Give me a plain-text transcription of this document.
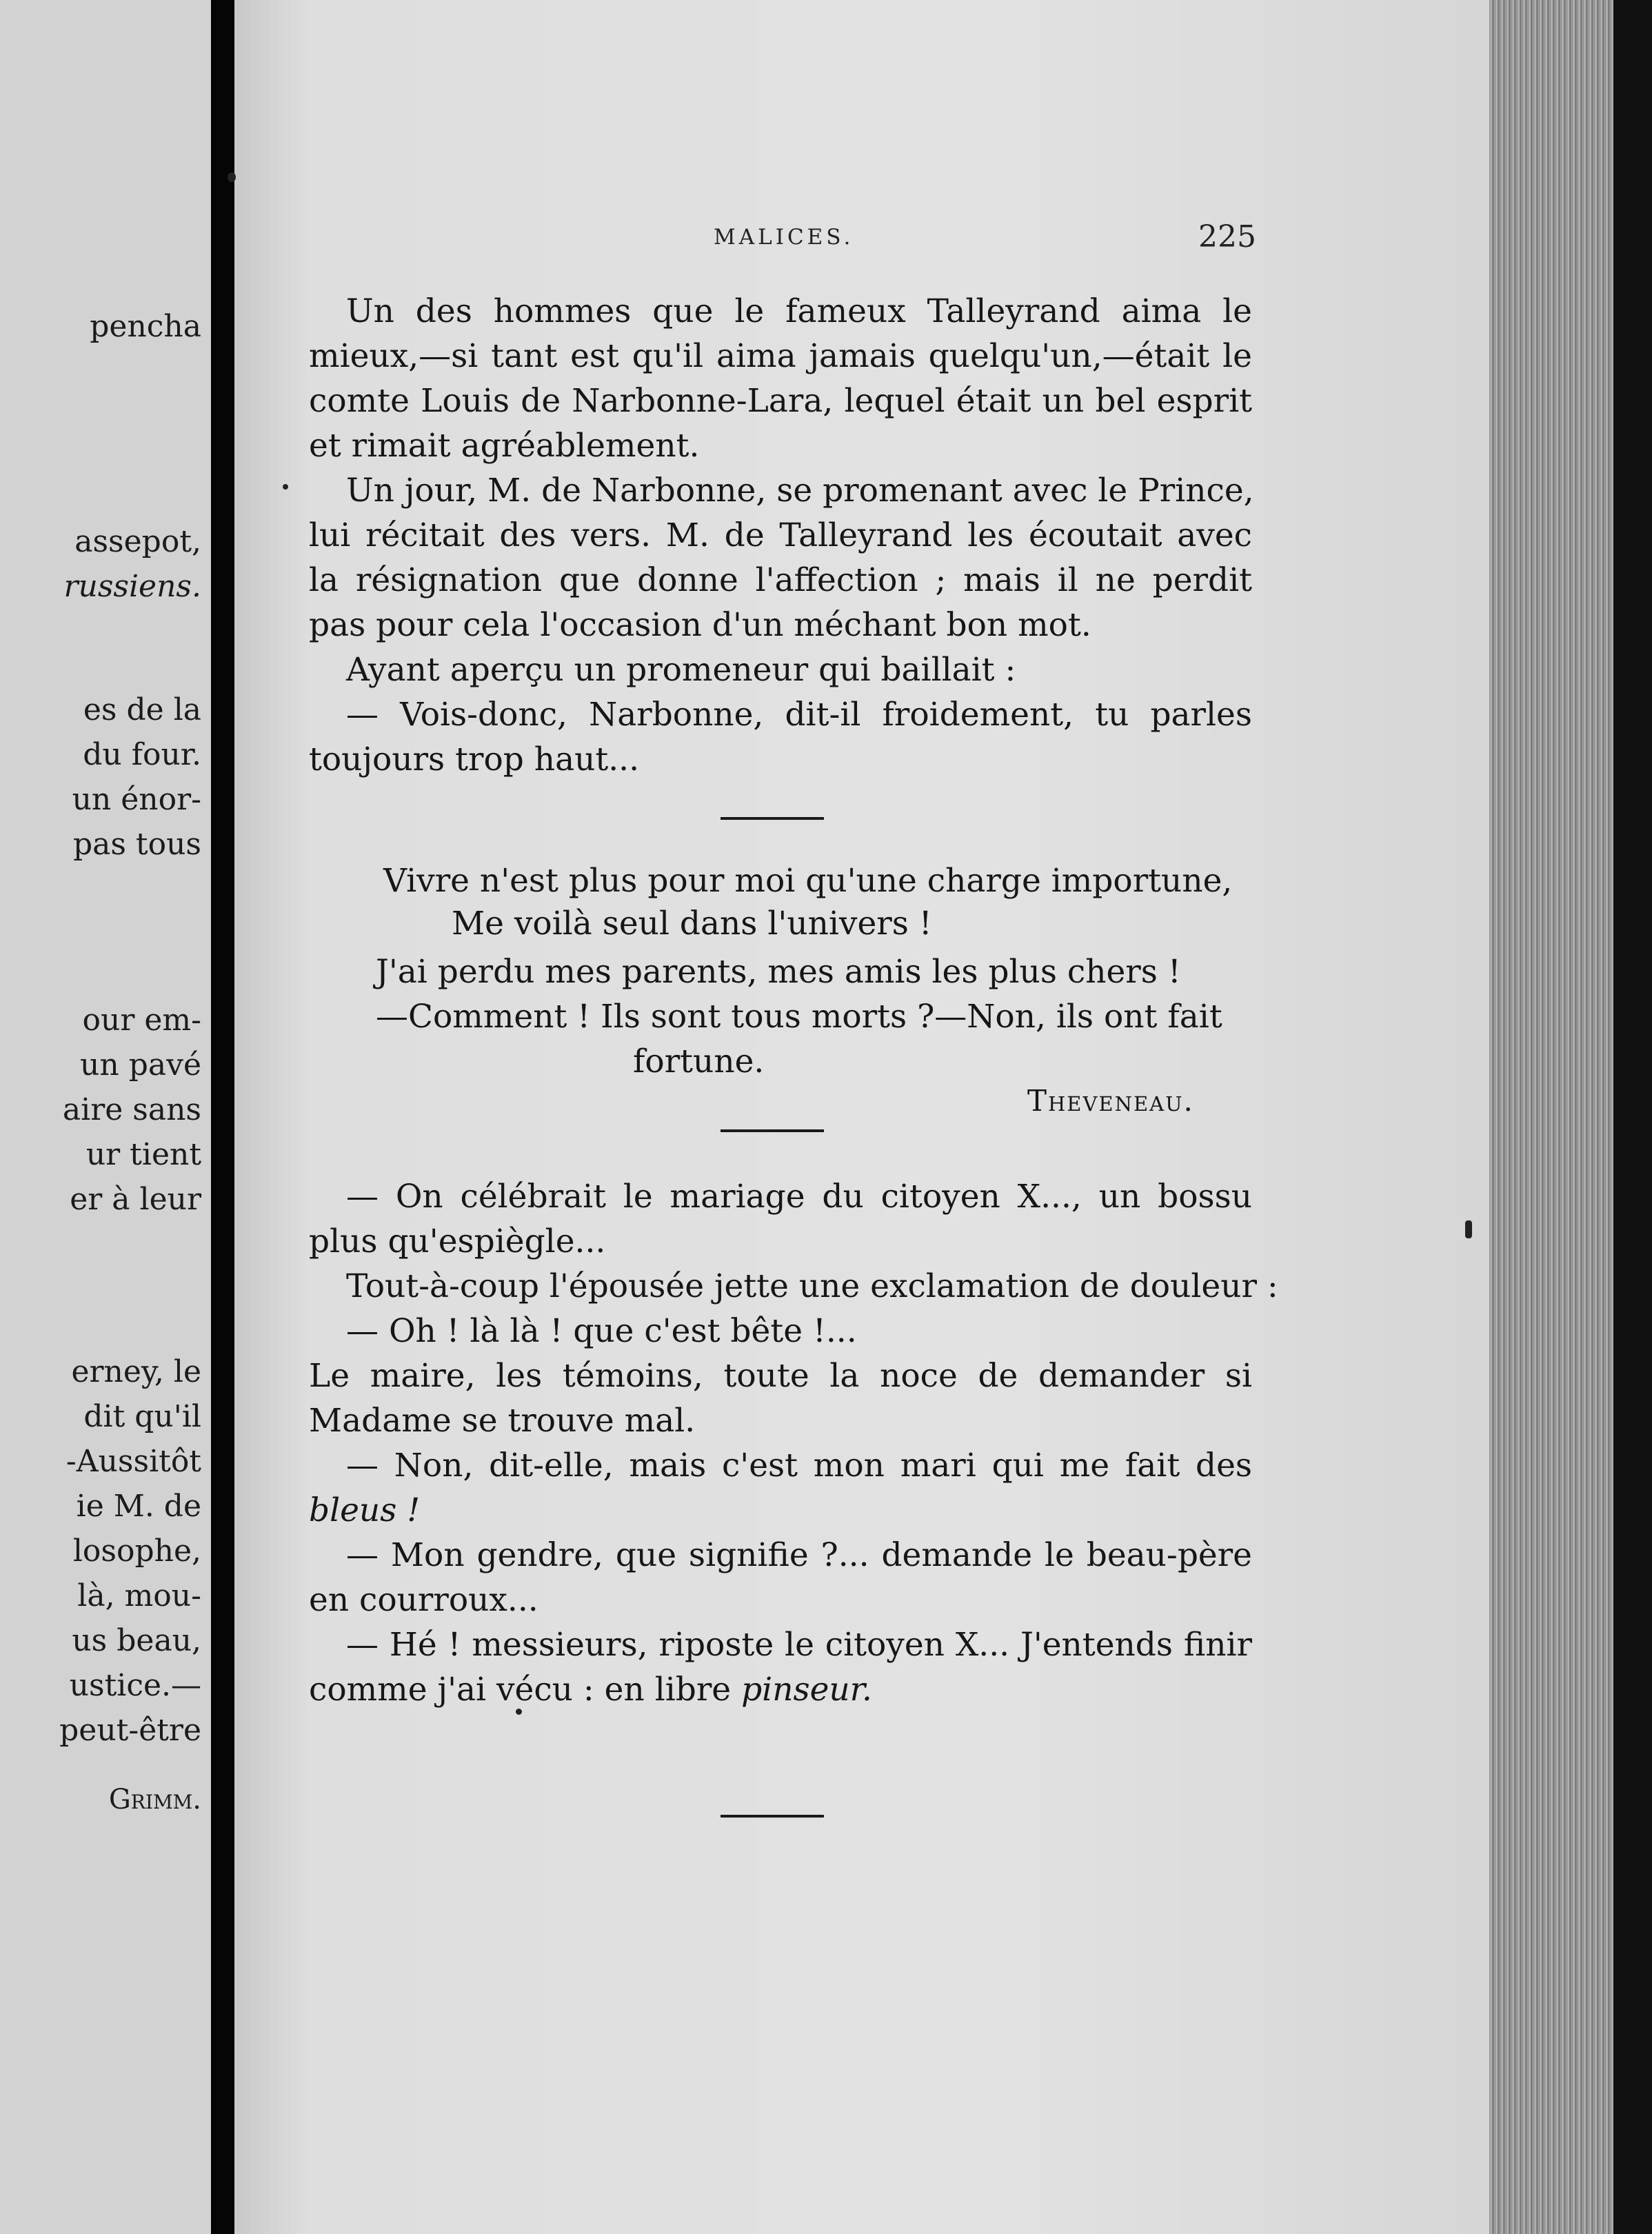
pencha
assepot,
russiens.
es de la
du four.
un énor-
pas tous
our em-
un pavé
aire sans
ur tient
er à leur
erney, le
dit qu'il
-Aussitôt
ie M. de
losophe,
là, mou-
us beau,
ustice.—
peut-être
Grimm.
MALICES.	225
Un des hommes que le fameux Talleyrand aima le
mieux,—si tant est qu'il aima jamais quelqu'un,—était le
comte Louis de Narbonne-Lara, lequel était un bel esprit
et rimait agréablement.
Un jour, M. de Narbonne, se promenant avec le Prince,
lui récitait des vers. M. de Talleyrand les écoutait avec
la résignation que donne l'affection ; mais il ne perdit
pas pour cela l'occasion d'un méchant bon mot.
Ayant aperçu un promeneur qui baillait :
— Vois-donc, Narbonne, dit-il froidement, tu parles
toujours trop haut...
Vivre n'est plus pour moi qu'une charge importune,
Me voilà seul dans l'univers !
J'ai perdu mes parents, mes amis les plus chers !
—Comment ! Ils sont tous morts ?—Non, ils ont fait
fortune.
Theveneau.
— On célébrait le mariage du citoyen X..., un bossu
plus qu'espiègle...
Tout-à-coup l'épousée jette une exclamation de douleur :
— Oh ! là là ! que c'est bête !...
Le maire, les témoins, toute la noce de demander si
Madame se trouve mal.
— Non, dit-elle, mais c'est mon mari qui me fait des
bleus !
— Mon gendre, que signifie ?... demande le beau-père
en courroux...
— Hé ! messieurs, riposte le citoyen X... J'entends finir
comme j'ai vécu : en libre pinseur.
